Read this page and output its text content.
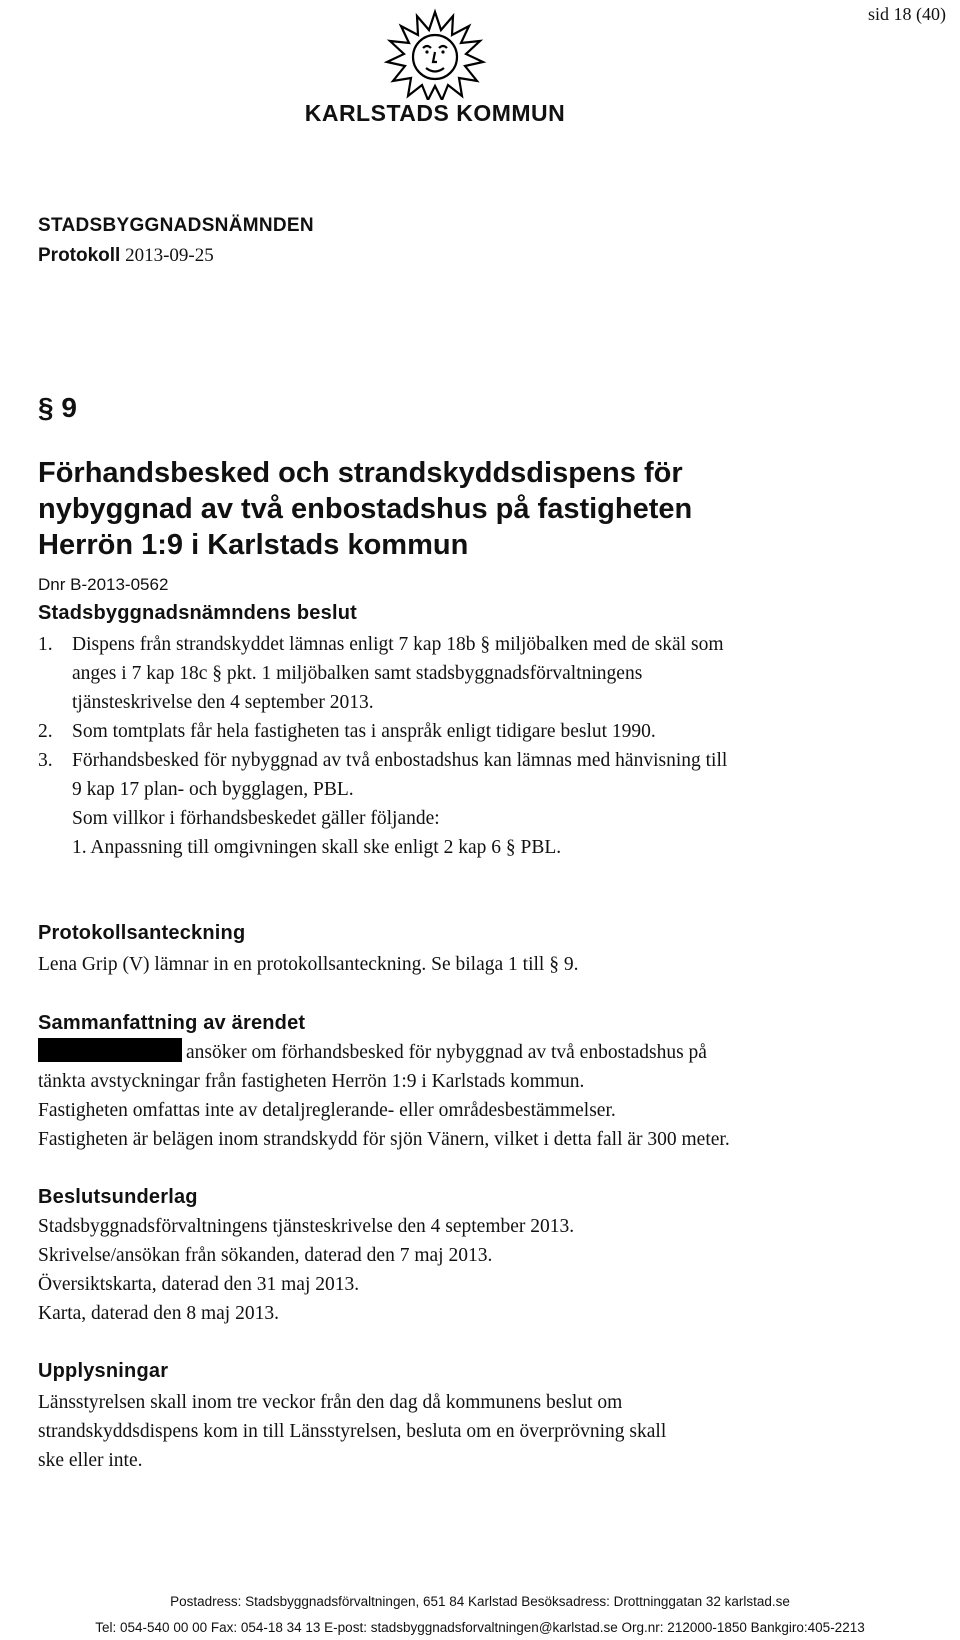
sid 18 (40)
KARLSTADS KOMMUN
STADSBYGGNADSNÄMNDEN
Protokoll 2013-09-25
§ 9
Förhandsbesked och strandskyddsdispens för
nybyggnad av två enbostadshus på fastigheten
Herrön 1:9 i Karlstads kommun
Dnr B-2013-0562
Stadsbyggnadsnämndens beslut
1. Dispens från strandskyddet lämnas enligt 7 kap 18b § miljöbalken med de skäl som
anges i 7 kap 18c § pkt. 1 miljöbalken samt stadsbyggnadsförvaltningens
tjänsteskrivelse den 4 september 2013.
2. Som tomtplats får hela fastigheten tas i anspråk enligt tidigare beslut 1990.
3. Förhandsbesked för nybyggnad av två enbostadshus kan lämnas med hänvisning till
9 kap 17 plan- och bygglagen, PBL.
Som villkor i förhandsbeskedet gäller följande:
1. Anpassning till omgivningen skall ske enligt 2 kap 6 § PBL.
Protokollsanteckning
Lena Grip (V) lämnar in en protokollsanteckning. Se bilaga 1 till § 9.
Sammanfattning av ärendet
ansöker om förhandsbesked för nybyggnad av två enbostadshus på
tänkta avstyckningar från fastigheten Herrön 1:9 i Karlstads kommun.
Fastigheten omfattas inte av detaljreglerande- eller områdesbestämmelser.
Fastigheten är belägen inom strandskydd för sjön Vänern, vilket i detta fall är 300 meter.
Beslutsunderlag
Stadsbyggnadsförvaltningens tjänsteskrivelse den 4 september 2013.
Skrivelse/ansökan från sökanden, daterad den 7 maj 2013.
Översiktskarta, daterad den 31 maj 2013.
Karta, daterad den 8 maj 2013.
Upplysningar
Länsstyrelsen skall inom tre veckor från den dag då kommunens beslut om
strandskyddsdispens kom in till Länsstyrelsen, besluta om en överprövning skall
ske eller inte.
Postadress: Stadsbyggnadsförvaltningen, 651 84 Karlstad Besöksadress: Drottninggatan 32 karlstad.se
Tel: 054-540 00 00 Fax: 054-18 34 13 E-post: stadsbyggnadsforvaltningen@karlstad.se Org.nr: 212000-1850 Bankgiro:405-2213
